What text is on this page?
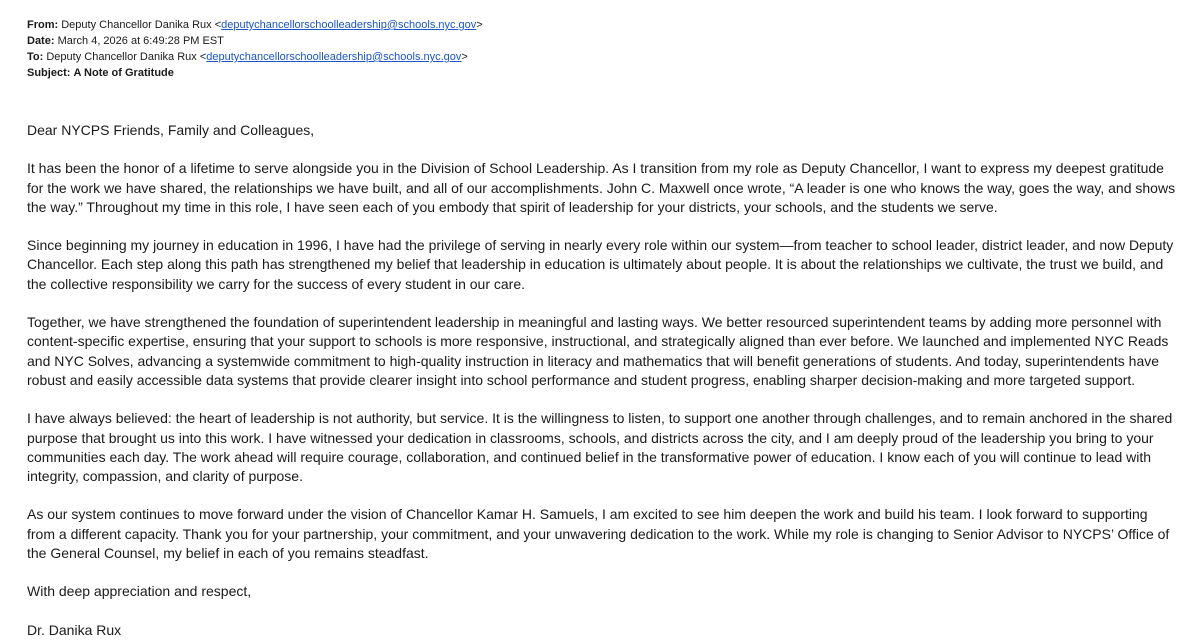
From: Deputy Chancellor Danika Rux <deputychancellorschoolleadership@schools.nyc.gov>
Date: March 4, 2026 at 6:49:28 PM EST
To: Deputy Chancellor Danika Rux <deputychancellorschoolleadership@schools.nyc.gov>
Subject: A Note of Gratitude

Dear NYCPS Friends, Family and Colleagues,

It has been the honor of a lifetime to serve alongside you in the Division of School Leadership. As I transition from my role as Deputy Chancellor, I want to express my deepest gratitude for the work we have shared, the relationships we have built, and all of our accomplishments. John C. Maxwell once wrote, “A leader is one who knows the way, goes the way, and shows the way.” Throughout my time in this role, I have seen each of you embody that spirit of leadership for your districts, your schools, and the students we serve.

Since beginning my journey in education in 1996, I have had the privilege of serving in nearly every role within our system—from teacher to school leader, district leader, and now Deputy Chancellor. Each step along this path has strengthened my belief that leadership in education is ultimately about people. It is about the relationships we cultivate, the trust we build, and the collective responsibility we carry for the success of every student in our care.

Together, we have strengthened the foundation of superintendent leadership in meaningful and lasting ways. We better resourced superintendent teams by adding more personnel with content-specific expertise, ensuring that your support to schools is more responsive, instructional, and strategically aligned than ever before. We launched and implemented NYC Reads and NYC Solves, advancing a systemwide commitment to high-quality instruction in literacy and mathematics that will benefit generations of students. And today, superintendents have robust and easily accessible data systems that provide clearer insight into school performance and student progress, enabling sharper decision-making and more targeted support.

I have always believed: the heart of leadership is not authority, but service. It is the willingness to listen, to support one another through challenges, and to remain anchored in the shared purpose that brought us into this work. I have witnessed your dedication in classrooms, schools, and districts across the city, and I am deeply proud of the leadership you bring to your communities each day. The work ahead will require courage, collaboration, and continued belief in the transformative power of education. I know each of you will continue to lead with integrity, compassion, and clarity of purpose.

As our system continues to move forward under the vision of Chancellor Kamar H. Samuels, I am excited to see him deepen the work and build his team. I look forward to supporting from a different capacity. Thank you for your partnership, your commitment, and your unwavering dedication to the work. While my role is changing to Senior Advisor to NYCPS’ Office of the General Counsel, my belief in each of you remains steadfast.

With deep appreciation and respect,

Dr. Danika Rux
